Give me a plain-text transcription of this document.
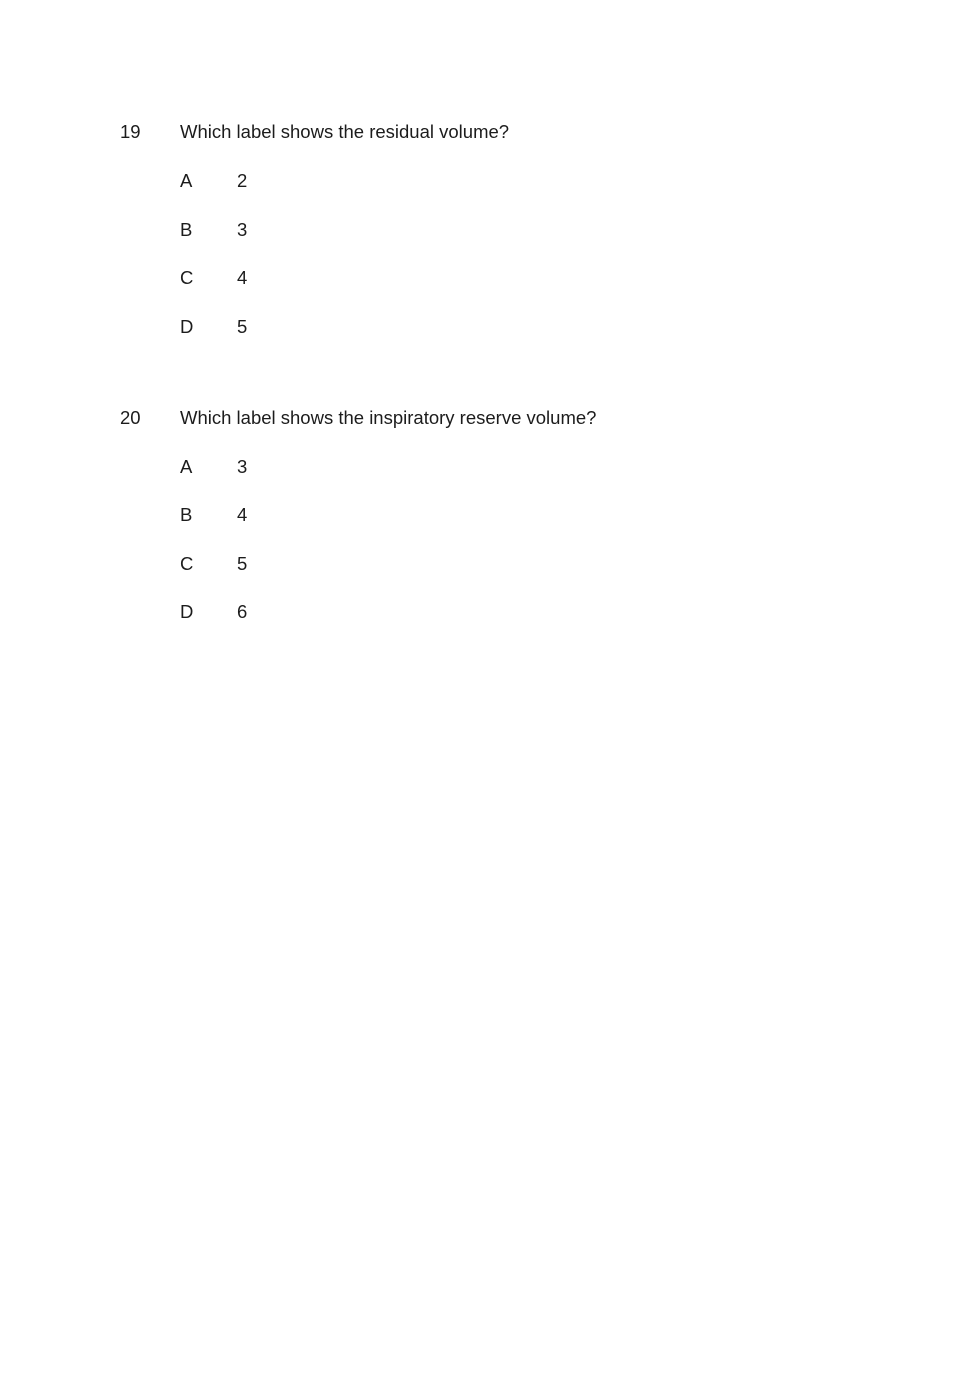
19	Which label shows the residual volume?
A	2
B	3
C	4
D	5
20	Which label shows the inspiratory reserve volume?
A	3
B	4
C	5
D	6
